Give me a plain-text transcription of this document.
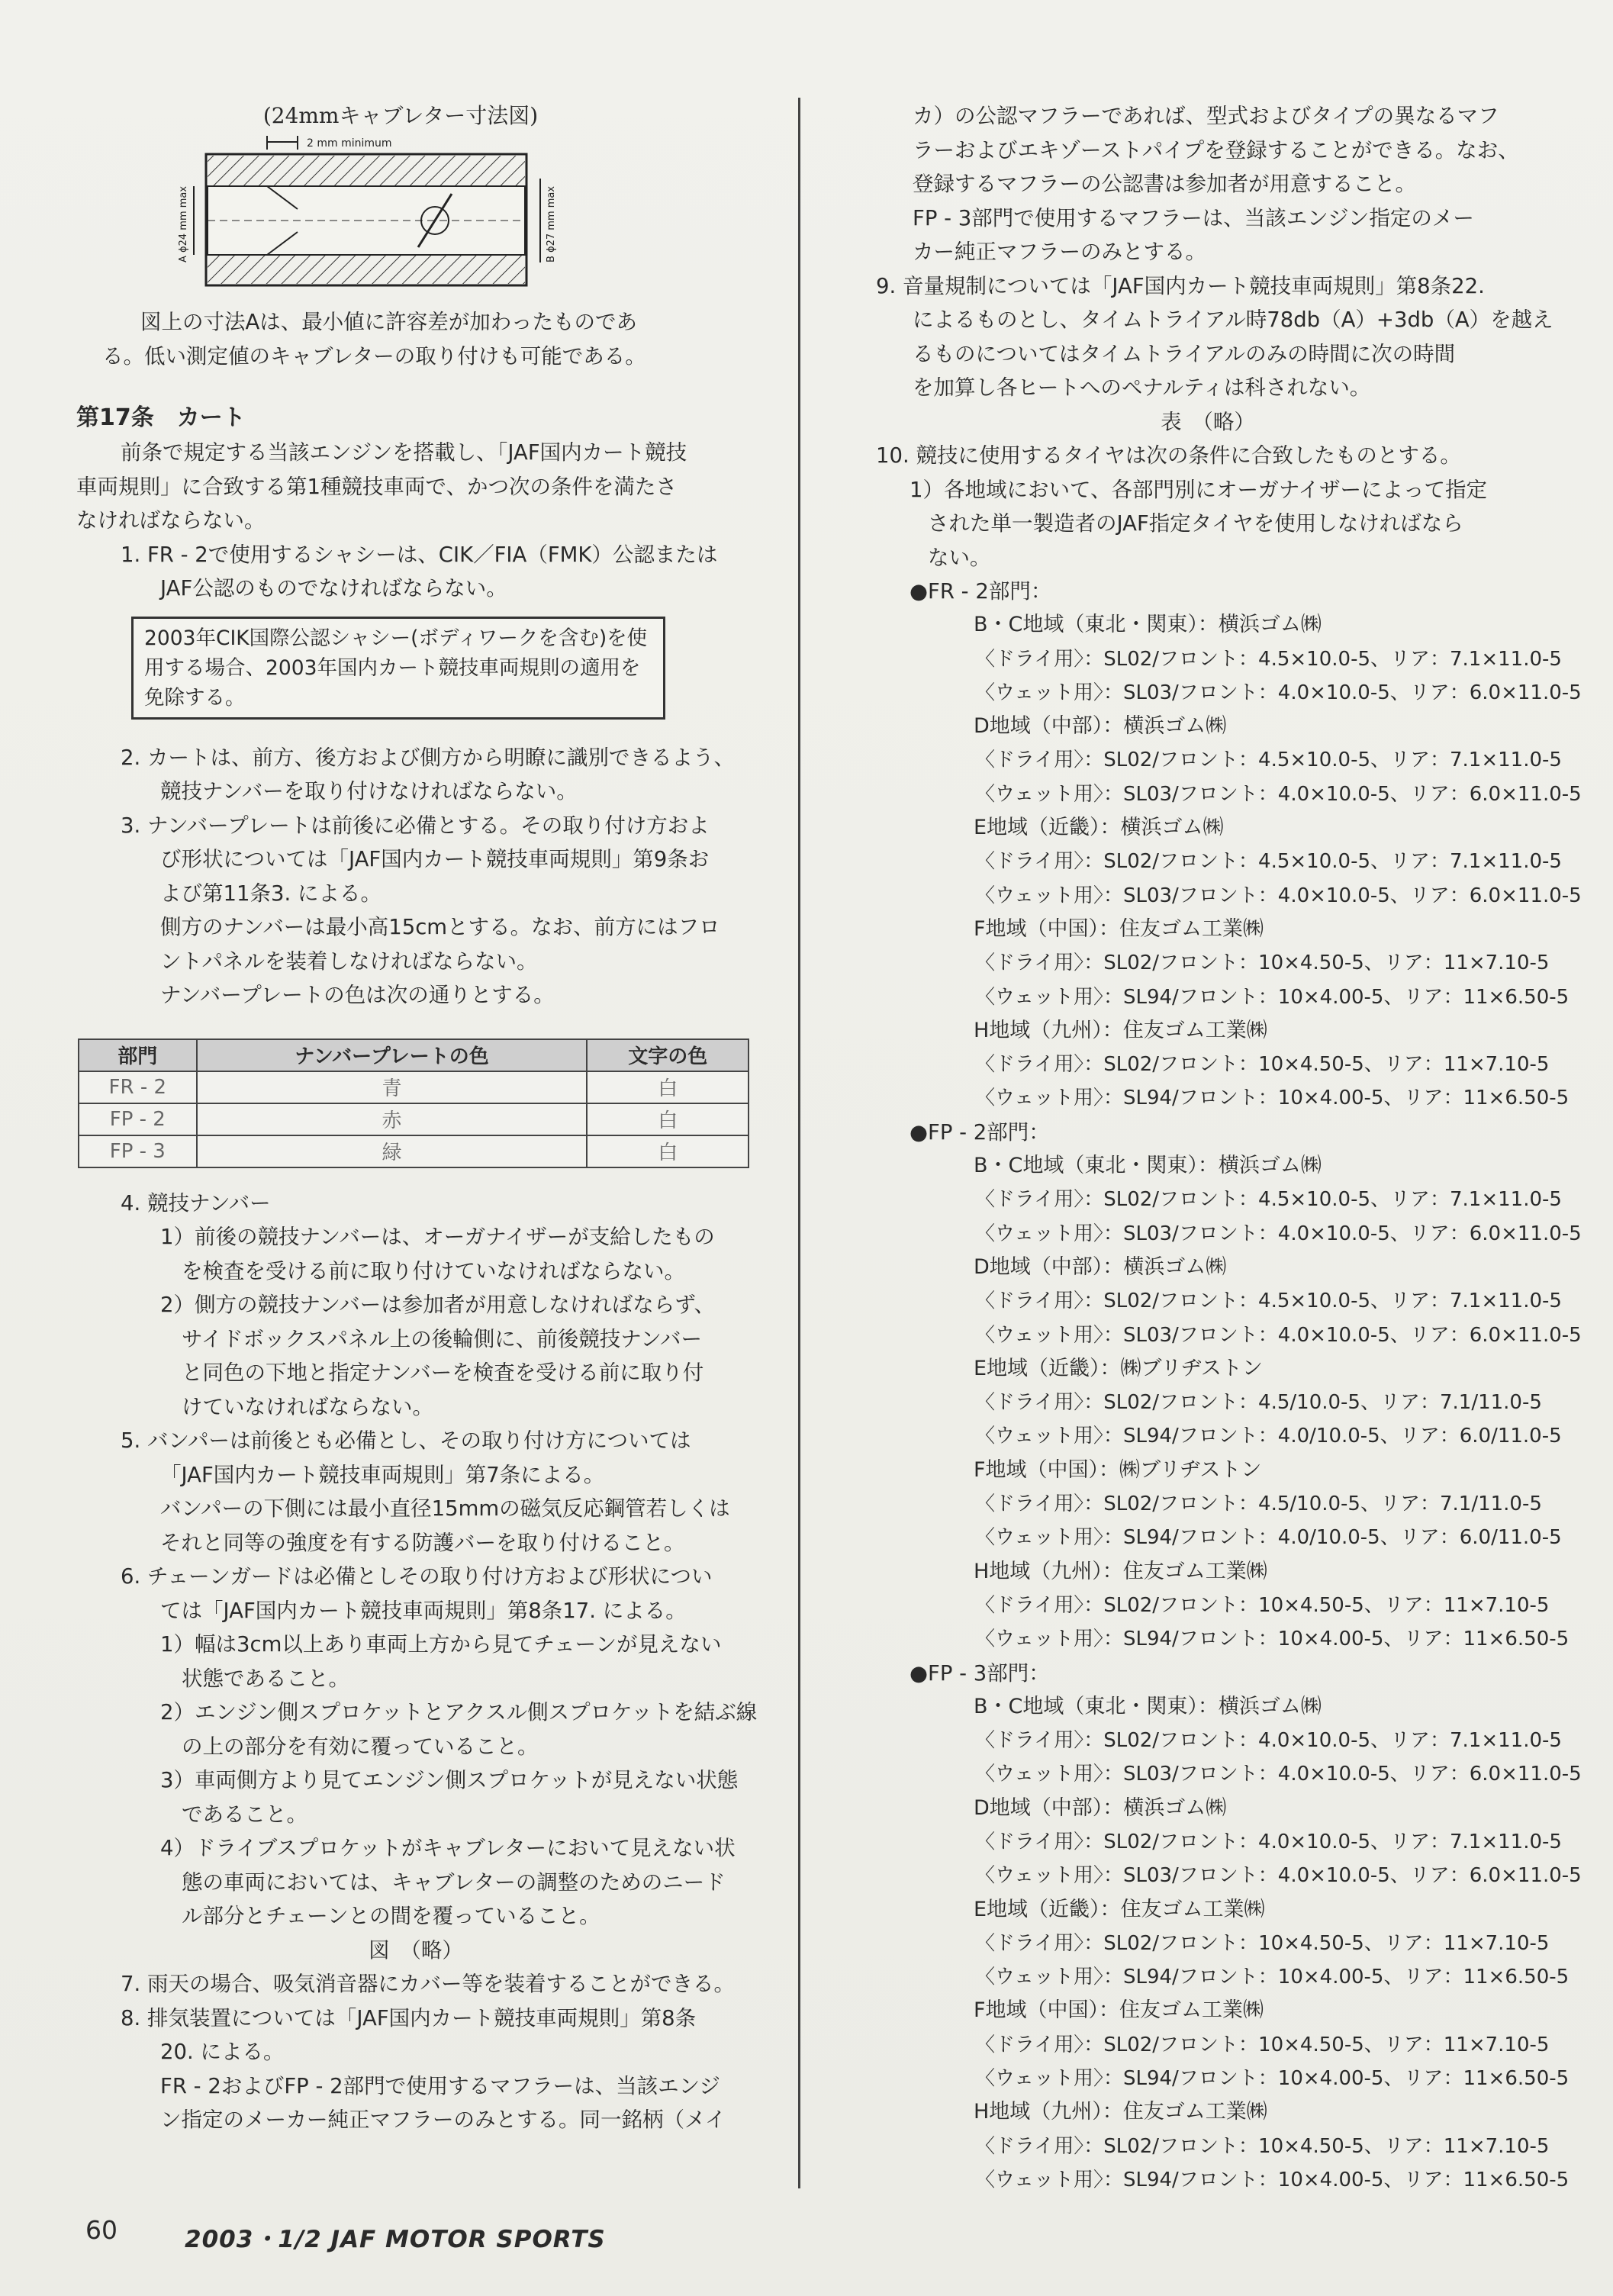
(24mmキャブレター寸法図)
2 mm minimum
A ϕ24 mm max	B ϕ27 mm max
図上の寸法Aは、最小値に許容差が加わったものであ
る。低い測定値のキャブレターの取り付けも可能である。
第17条　カート
前条で規定する当該エンジンを搭載し、「JAF国内カート競技
車両規則」に合致する第1種競技車両で、かつ次の条件を満たさ
なければならない。
1. FR - 2で使用するシャシーは、CIK／FIA（FMK）公認または
JAF公認のものでなければならない。
2003年CIK国際公認シャシー(ボディワークを含む)を使
用する場合、2003年国内カート競技車両規則の適用を
免除する。
2. カートは、前方、後方および側方から明瞭に識別できるよう、
競技ナンバーを取り付けなければならない。
3. ナンバープレートは前後に必備とする。その取り付け方およ
び形状については「JAF国内カート競技車両規則」第9条お
よび第11条3. による。
側方のナンバーは最小高15cmとする。なお、前方にはフロ
ントパネルを装着しなければならない。
ナンバープレートの色は次の通りとする。
部門	ナンバープレートの色	文字の色
FR - 2	青	白
FP - 2	赤	白
FP - 3	緑	白
4. 競技ナンバー
1）前後の競技ナンバーは、オーガナイザーが支給したもの
を検査を受ける前に取り付けていなければならない。
2）側方の競技ナンバーは参加者が用意しなければならず、
サイドボックスパネル上の後輪側に、前後競技ナンバー
と同色の下地と指定ナンバーを検査を受ける前に取り付
けていなければならない。
5. バンパーは前後とも必備とし、その取り付け方については
「JAF国内カート競技車両規則」第7条による。
バンパーの下側には最小直径15mmの磁気反応鋼管若しくは
それと同等の強度を有する防護バーを取り付けること。
6. チェーンガードは必備としその取り付け方および形状につい
ては「JAF国内カート競技車両規則」第8条17. による。
1）幅は3cm以上あり車両上方から見てチェーンが見えない
状態であること。
2）エンジン側スプロケットとアクスル側スプロケットを結ぶ線
の上の部分を有効に覆っていること。
3）車両側方より見てエンジン側スプロケットが見えない状態
であること。
4）ドライブスプロケットがキャブレターにおいて見えない状
態の車両においては、キャブレターの調整のためのニード
ル部分とチェーンとの間を覆っていること。
図　（略）
7. 雨天の場合、吸気消音器にカバー等を装着することができる。
8. 排気装置については「JAF国内カート競技車両規則」第8条
20. による。
FR - 2およびFP - 2部門で使用するマフラーは、当該エンジ
ン指定のメーカー純正マフラーのみとする。同一銘柄（メイ
カ）の公認マフラーであれば、型式およびタイプの異なるマフ
ラーおよびエキゾーストパイプを登録することができる。なお、
登録するマフラーの公認書は参加者が用意すること。
FP - 3部門で使用するマフラーは、当該エンジン指定のメー
カー純正マフラーのみとする。
9. 音量規制については「JAF国内カート競技車両規則」第8条22.
によるものとし、タイムトライアル時78db（A）+3db（A）を越え
るものについてはタイムトライアルのみの時間に次の時間
を加算し各ヒートへのペナルティは科されない。
表　（略）
10. 競技に使用するタイヤは次の条件に合致したものとする。
1）各地域において、各部門別にオーガナイザーによって指定
された単一製造者のJAF指定タイヤを使用しなければなら
ない。
●FR - 2部門：
B・C地域（東北・関東）：横浜ゴム㈱
〈ドライ用〉：SL02/フロント：4.5×10.0-5、リア：7.1×11.0-5
〈ウェット用〉：SL03/フロント：4.0×10.0-5、リア：6.0×11.0-5
D地域（中部）：横浜ゴム㈱
〈ドライ用〉：SL02/フロント：4.5×10.0-5、リア：7.1×11.0-5
〈ウェット用〉：SL03/フロント：4.0×10.0-5、リア：6.0×11.0-5
E地域（近畿）：横浜ゴム㈱
〈ドライ用〉：SL02/フロント：4.5×10.0-5、リア：7.1×11.0-5
〈ウェット用〉：SL03/フロント：4.0×10.0-5、リア：6.0×11.0-5
F地域（中国）：住友ゴム工業㈱
〈ドライ用〉：SL02/フロント：10×4.50-5、リア：11×7.10-5
〈ウェット用〉：SL94/フロント：10×4.00-5、リア：11×6.50-5
H地域（九州）：住友ゴム工業㈱
〈ドライ用〉：SL02/フロント：10×4.50-5、リア：11×7.10-5
〈ウェット用〉：SL94/フロント：10×4.00-5、リア：11×6.50-5
●FP - 2部門：
B・C地域（東北・関東）：横浜ゴム㈱
〈ドライ用〉：SL02/フロント：4.5×10.0-5、リア：7.1×11.0-5
〈ウェット用〉：SL03/フロント：4.0×10.0-5、リア：6.0×11.0-5
D地域（中部）：横浜ゴム㈱
〈ドライ用〉：SL02/フロント：4.5×10.0-5、リア：7.1×11.0-5
〈ウェット用〉：SL03/フロント：4.0×10.0-5、リア：6.0×11.0-5
E地域（近畿）：㈱ブリヂストン
〈ドライ用〉：SL02/フロント：4.5/10.0-5、リア：7.1/11.0-5
〈ウェット用〉：SL94/フロント：4.0/10.0-5、リア：6.0/11.0-5
F地域（中国）：㈱ブリヂストン
〈ドライ用〉：SL02/フロント：4.5/10.0-5、リア：7.1/11.0-5
〈ウェット用〉：SL94/フロント：4.0/10.0-5、リア：6.0/11.0-5
H地域（九州）：住友ゴム工業㈱
〈ドライ用〉：SL02/フロント：10×4.50-5、リア：11×7.10-5
〈ウェット用〉：SL94/フロント：10×4.00-5、リア：11×6.50-5
●FP - 3部門：
B・C地域（東北・関東）：横浜ゴム㈱
〈ドライ用〉：SL02/フロント：4.0×10.0-5、リア：7.1×11.0-5
〈ウェット用〉：SL03/フロント：4.0×10.0-5、リア：6.0×11.0-5
D地域（中部）：横浜ゴム㈱
〈ドライ用〉：SL02/フロント：4.0×10.0-5、リア：7.1×11.0-5
〈ウェット用〉：SL03/フロント：4.0×10.0-5、リア：6.0×11.0-5
E地域（近畿）：住友ゴム工業㈱
〈ドライ用〉：SL02/フロント：10×4.50-5、リア：11×7.10-5
〈ウェット用〉：SL94/フロント：10×4.00-5、リア：11×6.50-5
F地域（中国）：住友ゴム工業㈱
〈ドライ用〉：SL02/フロント：10×4.50-5、リア：11×7.10-5
〈ウェット用〉：SL94/フロント：10×4.00-5、リア：11×6.50-5
H地域（九州）：住友ゴム工業㈱
〈ドライ用〉：SL02/フロント：10×4.50-5、リア：11×7.10-5
〈ウェット用〉：SL94/フロント：10×4.00-5、リア：11×6.50-5
60	2003・1/2 JAF MOTOR SPORTS
